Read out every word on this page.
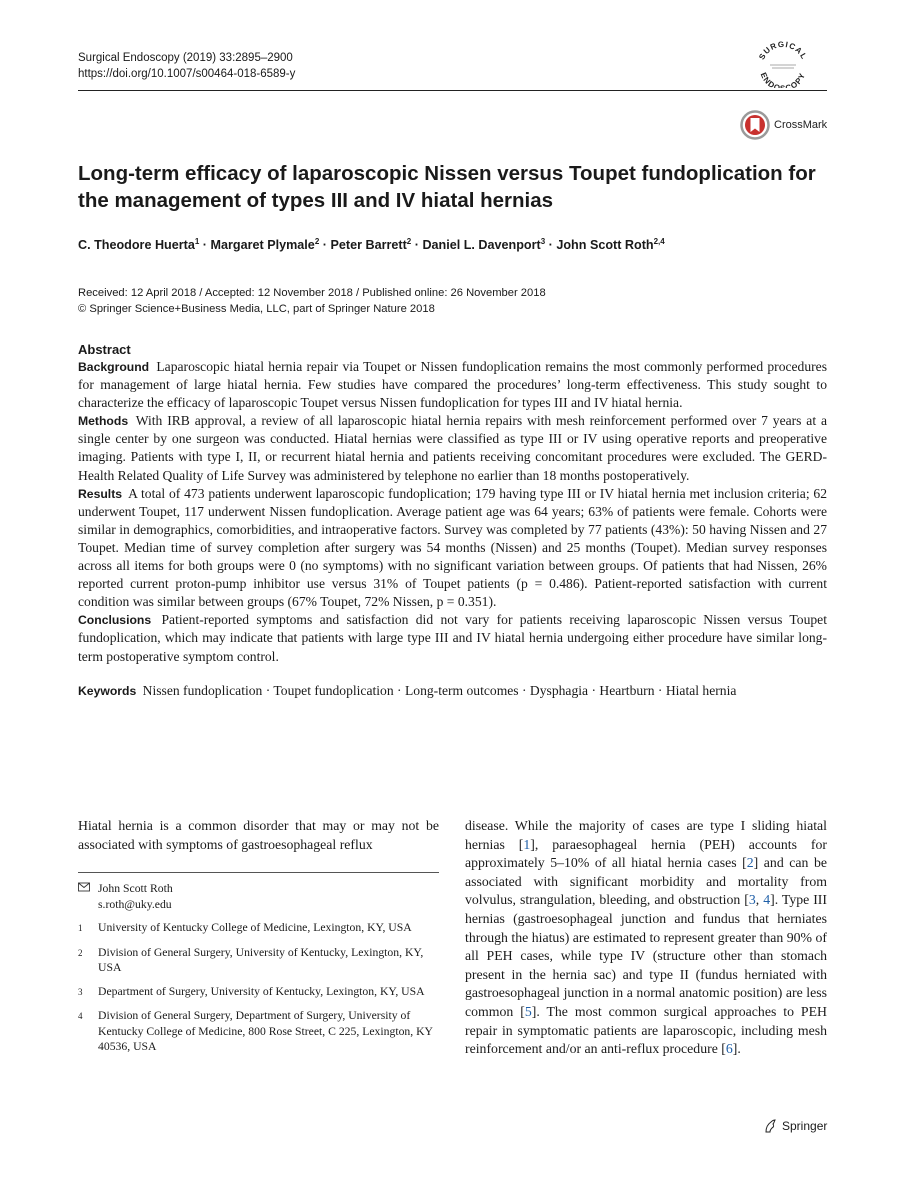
Surgical Endoscopy (2019) 33:2895–2900
https://doi.org/10.1007/s00464-018-6589-y
SURGICAL
ENDO COPY
CrossMark
Long-term efficacy of laparoscopic Nissen versus Toupet fundoplication for the management of types III and IV hiatal hernias
C. Theodore Huerta$^1$ · Margaret Plymale$^2$ · Peter Barrett$^2$ · Daniel L. Davenport$^3$ · John Scott Roth$^{2,4}$
Received: 12 April 2018 / Accepted: 12 November 2018 / Published online: 26 November 2018
© Springer Science+Business Media, LLC, part of Springer Nature 2018
Abstract

Background Laparoscopic hiatal hernia repair via Toupet or Nissen fundoplication remains the most commonly performed procedures for management of large hiatal hernia. Few studies have compared the procedures’ long-term effectiveness. This study sought to characterize the efficacy of laparoscopic Toupet versus Nissen fundoplication for types III and IV hiatal hernia.

Methods With IRB approval, a review of all laparoscopic hiatal hernia repairs with mesh reinforcement performed over 7 years at a single center by one surgeon was conducted. Hiatal hernias were classified as type III or IV using operative reports and preoperative imaging. Patients with type I, II, or recurrent hiatal hernia and patients receiving concomitant procedures were excluded. The GERD-Health Related Quality of Life Survey was administered by telephone no earlier than 18 months postoperatively.

Results A total of 473 patients underwent laparoscopic fundoplication; 179 having type III or IV hiatal hernia met inclusion criteria; 62 underwent Toupet, 117 underwent Nissen fundoplication. Average patient age was 64 years; 63% of patients were female. Cohorts were similar in demographics, comorbidities, and intraoperative factors. Survey was completed by 77 patients (43%): 50 having Nissen and 27 Toupet. Median time of survey completion after surgery was 54 months (Nissen) and 25 months (Toupet). Median survey responses across all items for both groups were 0 (no symptoms) with no significant variation between groups. Of patients that had Nissen, 26% reported current proton-pump inhibitor use versus 31% of Toupet patients (p = 0.486). Patient-reported satisfaction with current condition was similar between groups (67% Toupet, 72% Nissen, p = 0.351).

Conclusions Patient-reported symptoms and satisfaction did not vary for patients receiving laparoscopic Nissen versus Toupet fundoplication, which may indicate that patients with large type III and IV hiatal hernia undergoing either procedure have similar long-term postoperative symptom control.

Keywords Nissen fundoplication · Toupet fundoplication · Long-term outcomes · Dysphagia · Heartburn · Hiatal hernia

Hiatal hernia is a common disorder that may or may not be associated with symptoms of gastroesophageal reflux

John Scott Roth
s.roth@uky.edu
1	University of Kentucky College of Medicine, Lexington, KY, USA
2	Division of General Surgery, University of Kentucky, Lexington, KY, USA
3	Department of Surgery, University of Kentucky, Lexington, KY, USA
4	Division of General Surgery, Department of Surgery, University of Kentucky College of Medicine, 800 Rose Street, C 225, Lexington, KY 40536, USA

disease. While the majority of cases are type I sliding hiatal hernias [1], paraesophageal hernia (PEH) accounts for approximately 5–10% of all hiatal hernia cases [2] and can be associated with significant morbidity and mortality from volvulus, strangulation, bleeding, and obstruction [3, 4]. Type III hernias (gastroesophageal junction and fundus that herniates through the hiatus) are estimated to represent greater than 90% of all PEH cases, while type IV (structure other than stomach present in the hernia sac) and type II (fundus herniated with gastroesophageal junction in a normal anatomic position) are less common [5]. The most common surgical approaches to PEH repair in symptomatic patients are laparoscopic, including mesh reinforcement and/or an anti-reflux procedure [6].

Springer
